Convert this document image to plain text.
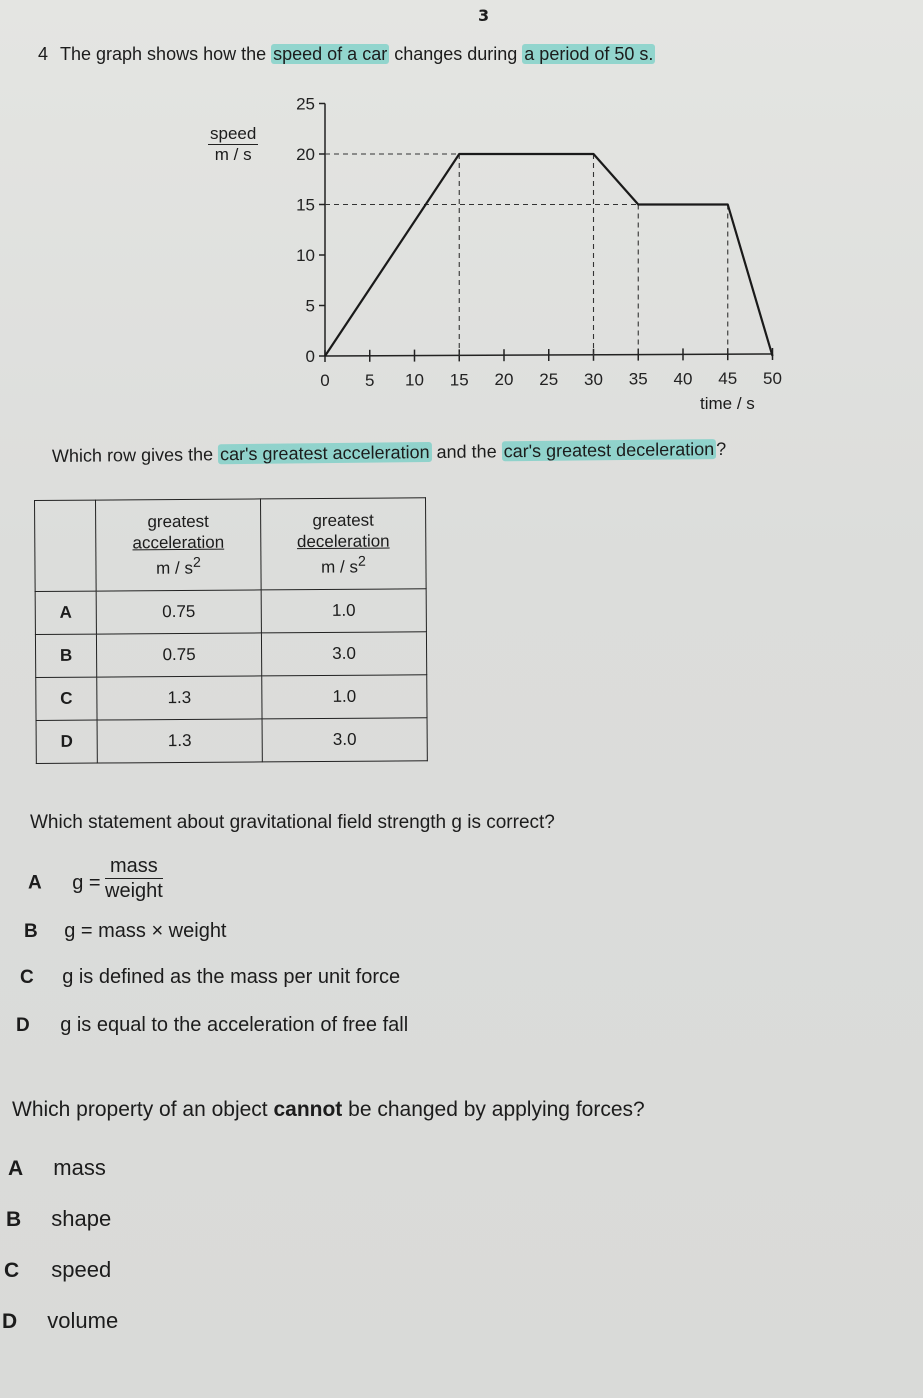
3
4 The graph shows how the speed of a car changes during a period of 50 s.
speed
m / s
0
5
10
15
20
25
0 5 10 15 20 25 30 35 40 45 50
time / s
Which row gives the car's greatest acceleration and the car's greatest deceleration?
	greatest
acceleration
m / $s^2$	greatest
deceleration
m / $s^2$
A	0.75	1.0
B	0.75	3.0
C	1.3	1.0
D	1.3	3.0
Which statement about gravitational field strength g is correct?
A $g = \frac{\text{mass}}{\text{weight}}$
B g = mass × weight
C g is defined as the mass per unit force
D g is equal to the acceleration of free fall
Which property of an object cannot be changed by applying forces?
A mass
B shape
C speed
D volume
